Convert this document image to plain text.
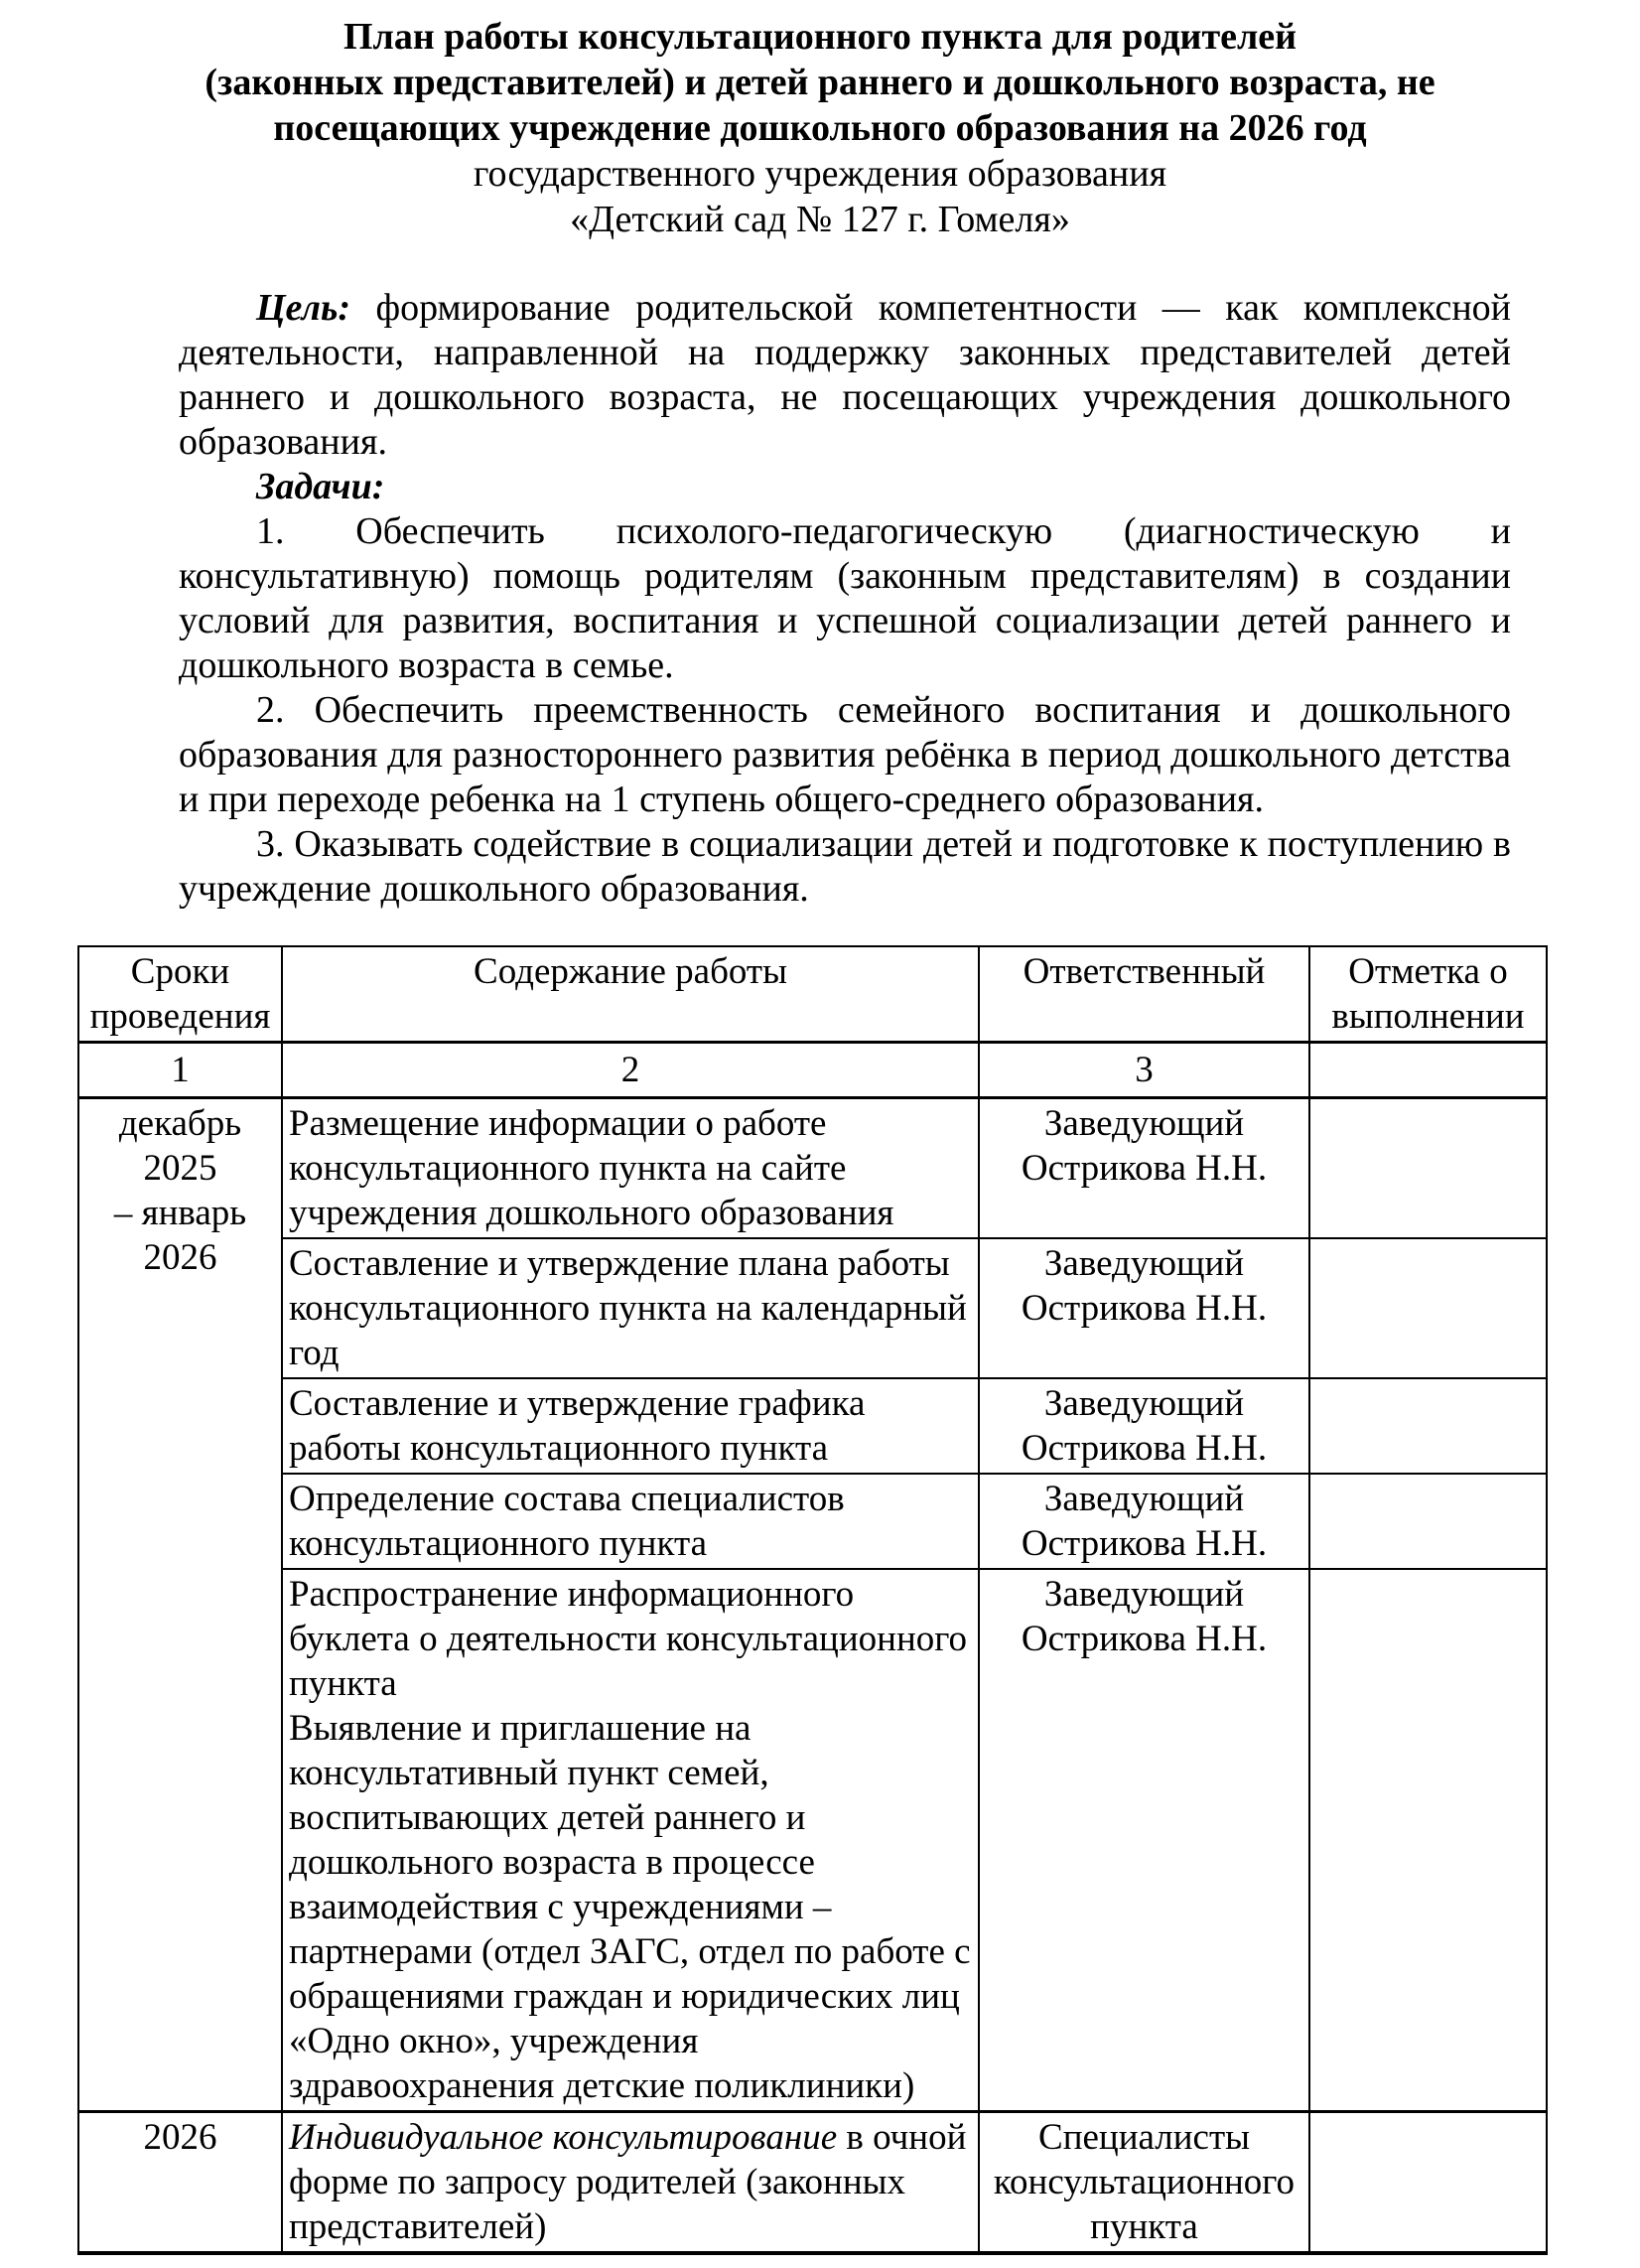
План работы консультационного пункта для родителей
(законных представителей) и детей раннего и дошкольного возраста, не
посещающих учреждение дошкольного образования на 2026 год
государственного учреждения образования
«Детский сад № 127 г. Гомеля»

Цель: формирование родительской компетентности — как комплексной деятельности, направленной на поддержку законных представителей детей раннего и дошкольного возраста, не посещающих учреждения дошкольного образования.

Задачи:

1. Обеспечить психолого-педагогическую (диагностическую и консультативную) помощь родителям (законным представителям) в создании условий для развития, воспитания и успешной социализации детей раннего и дошкольного возраста в семье.

2. Обеспечить преемственность семейного воспитания и дошкольного образования для разностороннего развития ребёнка в период дошкольного детства и при переходе ребенка на 1 ступень общего-среднего образования.

3. Оказывать содействие в социализации детей и подготовке к поступлению в учреждение дошкольного образования.

Сроки проведения	Содержание работы	Ответственный	Отметка о выполнении
1	2	3	

декабрь
2025
– январь
2026	Размещение информации о работе консультационного пункта на сайте учреждения дошкольного образования	Заведующий Острикова Н.Н.	

	Составление и утверждение плана работы консультационного пункта на календарный год	Заведующий Острикова Н.Н.	

	Составление и утверждение графика работы консультационного пункта	Заведующий Острикова Н.Н.	

	Определение состава специалистов консультационного пункта	Заведующий Острикова Н.Н.	

	Распространение информационного буклета о деятельности консультационного пункта
Выявление и приглашение на консультативный пункт семей, воспитывающих детей раннего и дошкольного возраста в процессе взаимодействия с учреждениями – партнерами (отдел ЗАГС, отдел по работе с обращениями граждан и юридических лиц «Одно окно», учреждения здравоохранения детские поликлиники)	Заведующий Острикова Н.Н.	

2026	Индивидуальное консультирование в очной форме по запросу родителей (законных представителей)	Специалисты консультационного пункта	
